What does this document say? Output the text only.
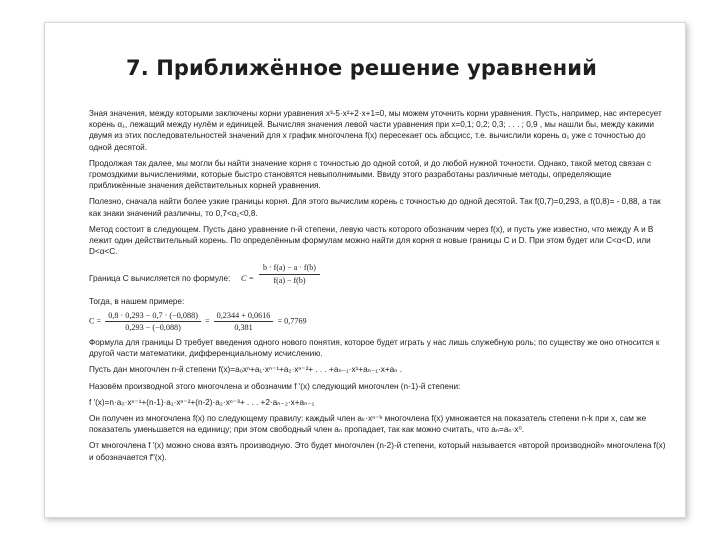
7. Приближённое решение уравнений

Зная значения, между которыми заключены корни уравнения x³-5·x²+2·x+1=0, мы можем уточнить корни уравнения. Пусть, например, нас интересует корень α₁, лежащий между нулём и единицей. Вычисляя значения левой части уравнения при x=0,1; 0,2; 0,3; . . . ; 0,9 , мы нашли бы, между какими двумя из этих последовательностей значений для x график многочлена f(x) пересекает ось абсцисс, т.е. вычислили корень α₁ уже с точностью до одной десятой.

Продолжая так далее, мы могли бы найти значение корня с точностью до одной сотой, и до любой нужной точности. Однако, такой метод связан с громоздкими вычислениями, которые быстро становятся невыполнимыми. Ввиду этого разработаны различные методы, определяющие приближённые значения действительных корней уравнения.

Полезно, сначала найти более узкие границы корня. Для этого вычислим корень с точностью до одной десятой. Так f(0,7)=0,293, а f(0,8)= - 0,88, а так как знаки значений различны, то 0,7<α₁<0,8.

Метод состоит в следующем. Пусть дано уравнение n-й степени, левую часть которого обозначим через f(x), и пусть уже известно, что между А и B лежит один действительный корень. По определённым формулам можно найти для корня α новые границы С и D. При этом будет или C<α<D, или D<α<C.

Граница С вычисляется по формуле: $C = \frac{b \cdot f(a) - a \cdot f(b)}{f(a) - f(b)}$

Тогда, в нашем примере:

$C = \frac{0,8 \cdot 0,293 - 0,7 \cdot (-0,088)}{0,293 - (-0,088)} = \frac{0,2344 + 0,0616}{0,381} = 0,7769$

Формула для границы D требует введения одного нового понятия, которое будет играть у нас лишь служебную роль; по существу же оно относится к другой части математики, дифференциальному исчислению.

Пусть дан многочлен n-й степени f(x)=a₀xⁿ+a₁·xⁿ⁻¹+a₂·xⁿ⁻²+ . . . +aₙ₋₁·x¹+aₙ₋₁·x+aₙ .

Назовём производной этого многочлена и обозначим f ′(x) следующий многочлен (n-1)-й степени:

f ′(x)=n·a₀·xⁿ⁻¹+(n-1)·a₁·xⁿ⁻²+(n-2)·a₂·xⁿ⁻³+ . . . +2·aₙ₋₂·x+aₙ₋₁

Он получен из многочлена f(x) по следующему правилу: каждый член aₖ·xⁿ⁻ᵏ многочлена f(x) умножается на показатель степени n-k при x, сам же показатель уменьшается на единицу; при этом свободный член aₙ пропадает, так как можно считать, что aₙ=aₙ·x⁰.

От многочлена f ′(x) можно снова взять производную. Это будет многочлен (n-2)-й степени, который называется «второй производной» многочлена f(x) и обозначается f″(x).
